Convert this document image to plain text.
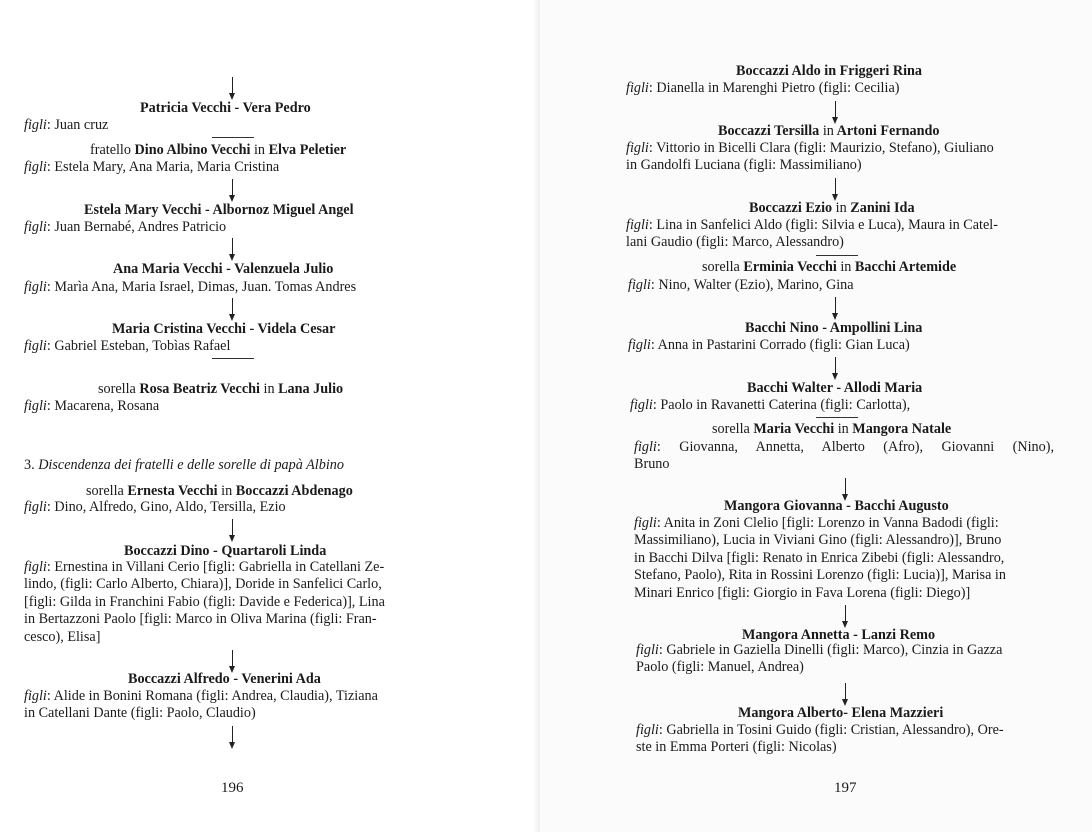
Patricia Vecchi - Vera Pedro
figli: Juan cruz
fratello Dino Albino Vecchi in Elva Peletier
figli: Estela Mary, Ana Maria, Maria Cristina
Estela Mary Vecchi - Albornoz Miguel Angel
figli: Juan Bernabé, Andres Patricio
Ana Maria Vecchi - Valenzuela Julio
figli: Marìa Ana, Maria Israel, Dimas, Juan. Tomas Andres
Maria Cristina Vecchi - Videla Cesar
figli: Gabriel Esteban, Tobìas Rafael
sorella Rosa Beatriz Vecchi in Lana Julio
figli: Macarena, Rosana
3. Discendenza dei fratelli e delle sorelle di papà Albino
sorella Ernesta Vecchi in Boccazzi Abdenago
figli: Dino, Alfredo, Gino, Aldo, Tersilla, Ezio
Boccazzi Dino - Quartaroli Linda
figli: Ernestina in Villani Cerio [figli: Gabriella in Catellani Ze-
lindo, (figli: Carlo Alberto, Chiara)], Doride in Sanfelici Carlo,
[figli: Gilda in Franchini Fabio (figli: Davide e Federica)], Lina
in Bertazzoni Paolo [figli: Marco in Oliva Marina (figli: Fran-
cesco), Elisa]
Boccazzi Alfredo - Venerini Ada
figli: Alide in Bonini Romana (figli: Andrea, Claudia), Tiziana
in Catellani Dante (figli: Paolo, Claudio)
196
Boccazzi Aldo in Friggeri Rina
figli: Dianella in Marenghi Pietro (figli: Cecilia)
Boccazzi Tersilla in Artoni Fernando
figli: Vittorio in Bicelli Clara (figli: Maurizio, Stefano), Giuliano
in Gandolfi Luciana (figli: Massimiliano)
Boccazzi Ezio in Zanini Ida
figli: Lina in Sanfelici Aldo (figli: Silvia e Luca), Maura in Catel-
lani Gaudio (figli: Marco, Alessandro)
sorella Erminia Vecchi in Bacchi Artemide
figli: Nino, Walter (Ezio), Marino, Gina
Bacchi Nino - Ampollini Lina
figli: Anna in Pastarini Corrado (figli: Gian Luca)
Bacchi Walter - Allodi Maria
figli: Paolo in Ravanetti Caterina (figli: Carlotta),
sorella Maria Vecchi in Mangora Natale
figli: Giovanna, Annetta, Alberto (Afro), Giovanni (Nino),
Bruno
Mangora Giovanna - Bacchi Augusto
figli: Anita in Zoni Clelio [figli: Lorenzo in Vanna Badodi (figli:
Massimiliano), Lucia in Viviani Gino (figli: Alessandro)], Bruno
in Bacchi Dilva [figli: Renato in Enrica Zibebi (figli: Alessandro,
Stefano, Paolo), Rita in Rossini Lorenzo (figli: Lucia)], Marisa in
Minari Enrico [figli: Giorgio in Fava Lorena (figli: Diego)]
Mangora Annetta - Lanzi Remo
figli: Gabriele in Gaziella Dinelli (figli: Marco), Cinzia in Gazza
Paolo (figli: Manuel, Andrea)
Mangora Alberto- Elena Mazzieri
figli: Gabriella in Tosini Guido (figli: Cristian, Alessandro), Ore-
ste in Emma Porteri (figli: Nicolas)
197
